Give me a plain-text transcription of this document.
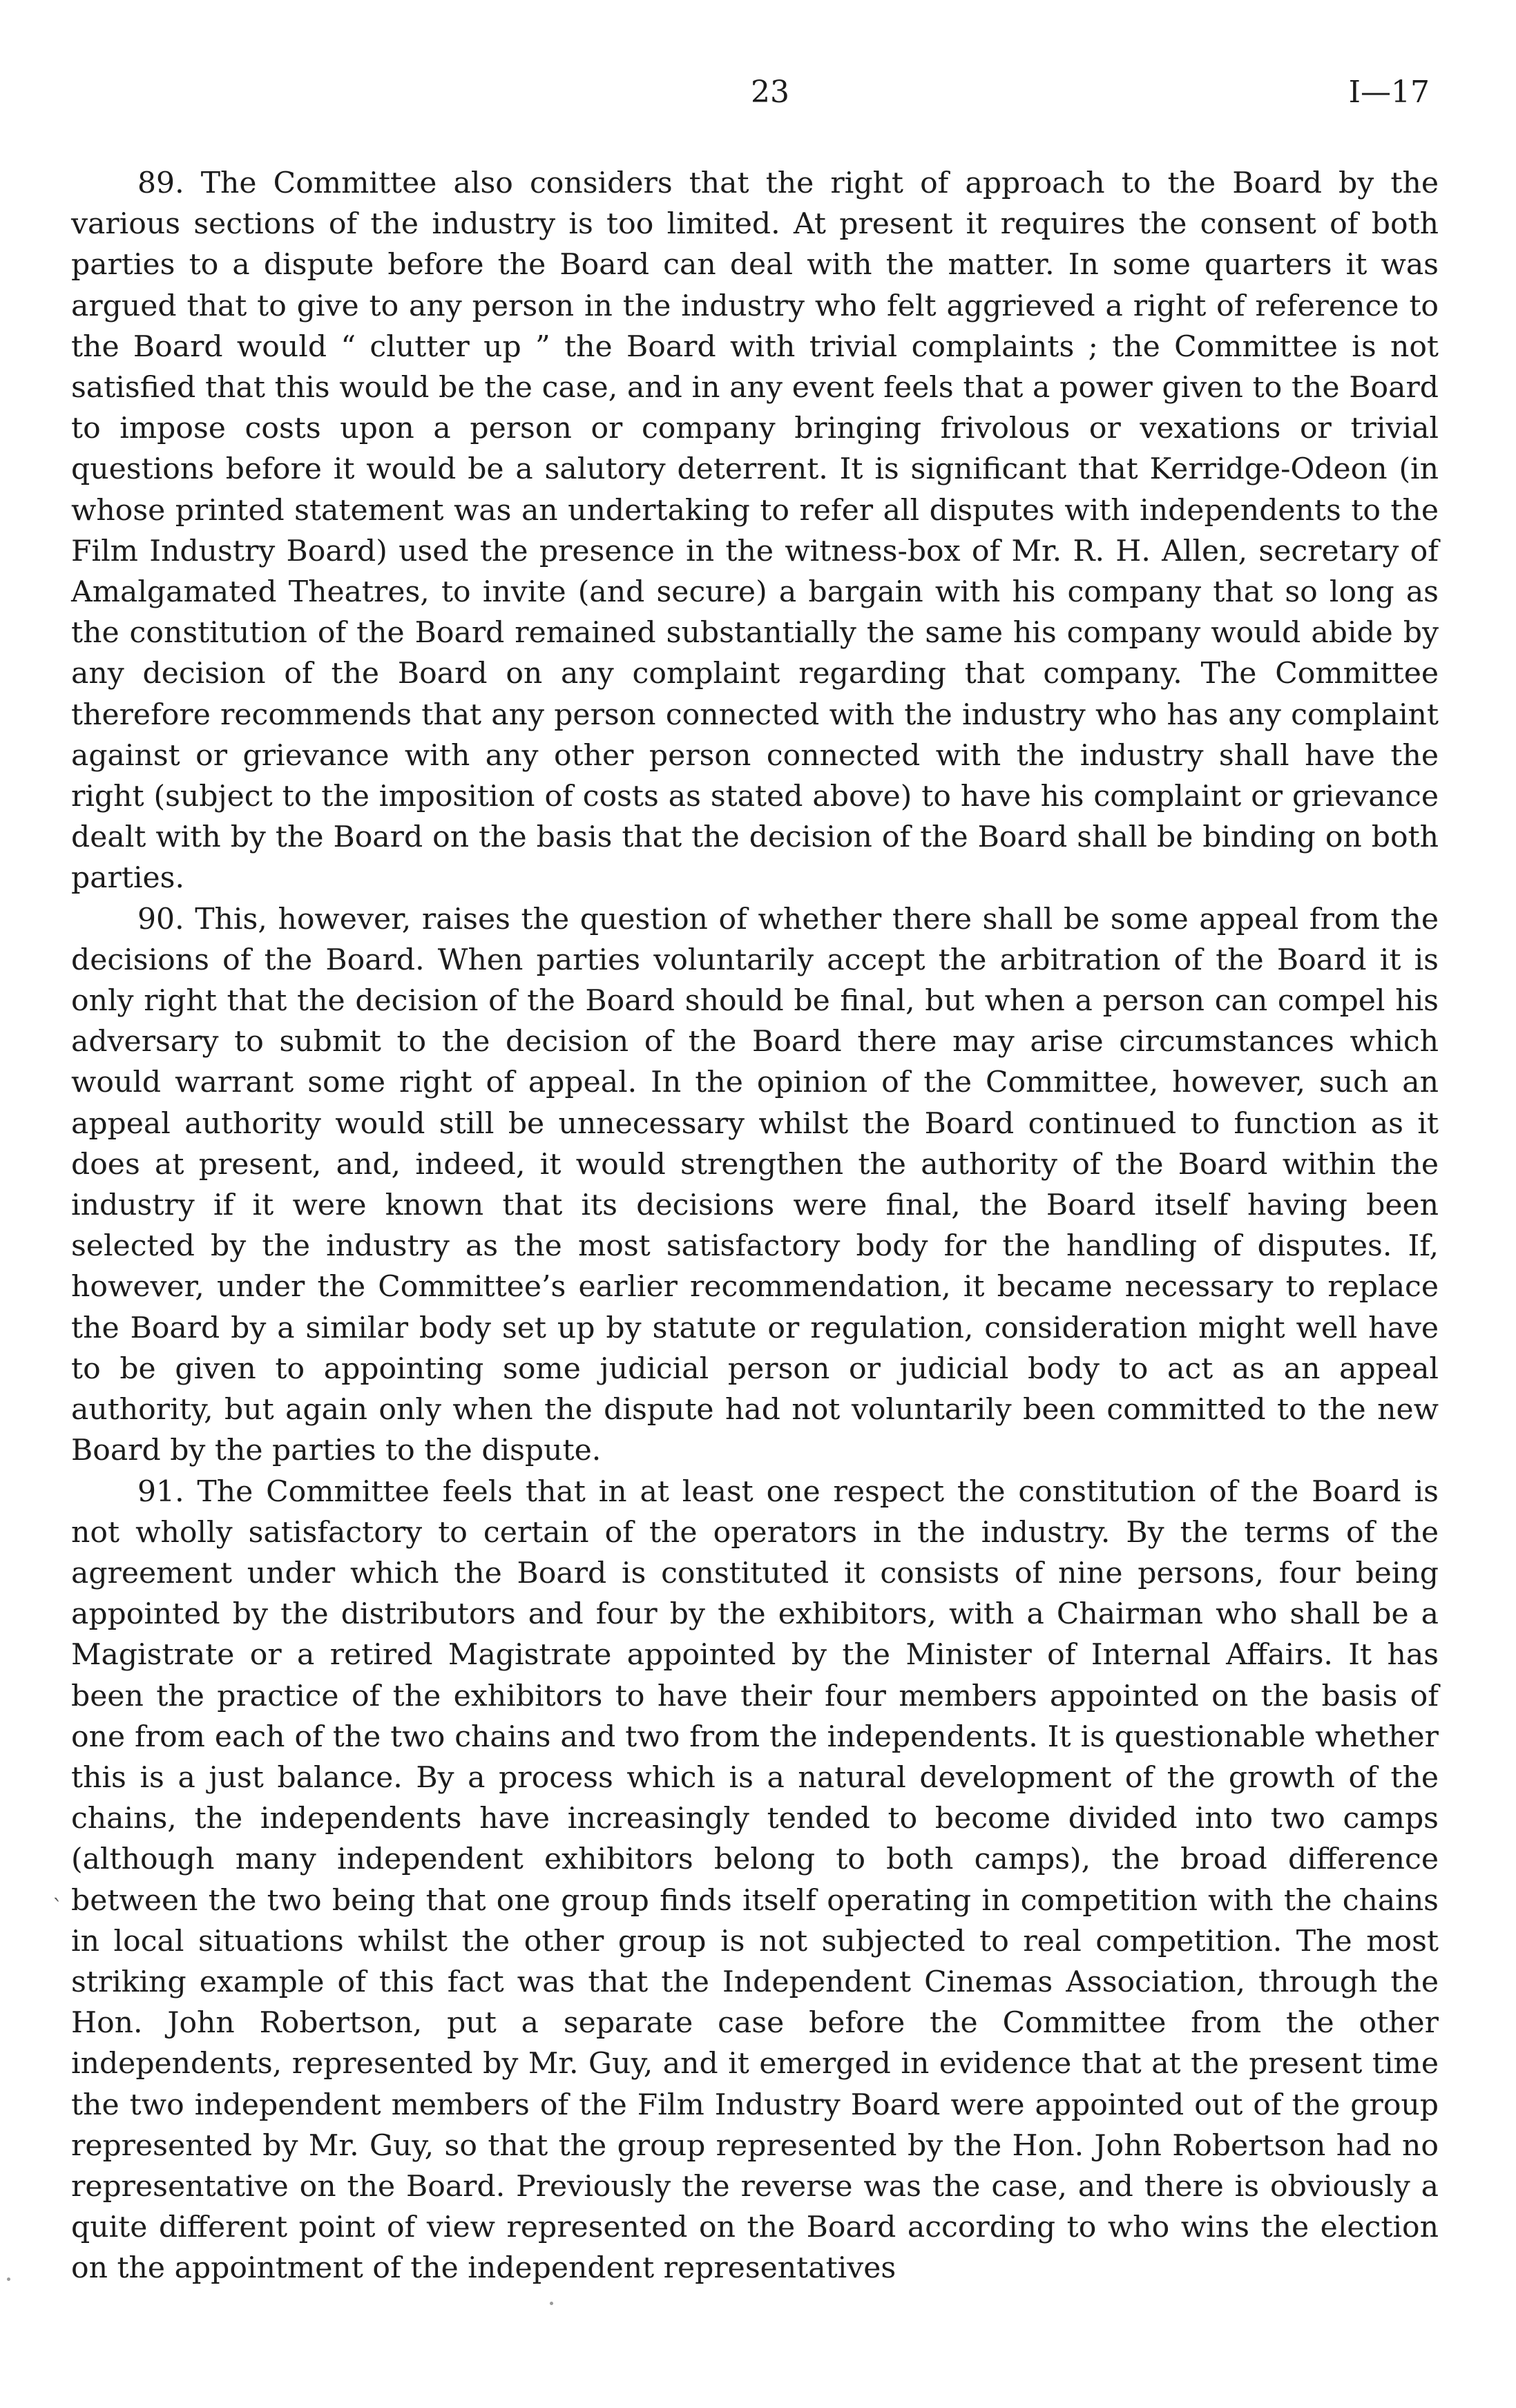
23	I—17

89. The Committee also considers that the right of approach to the Board by the various sections of the industry is too limited. At present it requires the consent of both parties to a dispute before the Board can deal with the matter. In some quarters it was argued that to give to any person in the industry who felt aggrieved a right of reference to the Board would “ clutter up ” the Board with trivial complaints ; the Committee is not satisfied that this would be the case, and in any event feels that a power given to the Board to impose costs upon a person or company bringing frivolous or vexations or trivial questions before it would be a salutory deterrent. It is significant that Kerridge-Odeon (in whose printed statement was an undertaking to refer all disputes with independents to the Film Industry Board) used the presence in the witness-box of Mr. R. H. Allen, secretary of Amalgamated Theatres, to invite (and secure) a bargain with his company that so long as the constitution of the Board remained substantially the same his company would abide by any decision of the Board on any complaint regarding that company. The Committee therefore recommends that any person connected with the industry who has any complaint against or grievance with any other person connected with the industry shall have the right (subject to the imposition of costs as stated above) to have his complaint or grievance dealt with by the Board on the basis that the decision of the Board shall be binding on both parties.

90. This, however, raises the question of whether there shall be some appeal from the decisions of the Board. When parties voluntarily accept the arbitration of the Board it is only right that the decision of the Board should be final, but when a person can compel his adversary to submit to the decision of the Board there may arise circumstances which would warrant some right of appeal. In the opinion of the Committee, however, such an appeal authority would still be unnecessary whilst the Board continued to function as it does at present, and, indeed, it would strengthen the authority of the Board within the industry if it were known that its decisions were final, the Board itself having been selected by the industry as the most satisfactory body for the handling of disputes. If, however, under the Committee’s earlier recommendation, it became necessary to replace the Board by a similar body set up by statute or regulation, consideration might well have to be given to appointing some judicial person or judicial body to act as an appeal authority, but again only when the dispute had not voluntarily been committed to the new Board by the parties to the dispute.

91. The Committee feels that in at least one respect the constitution of the Board is not wholly satisfactory to certain of the operators in the industry. By the terms of the agreement under which the Board is constituted it consists of nine persons, four being appointed by the distributors and four by the exhibitors, with a Chairman who shall be a Magistrate or a retired Magistrate appointed by the Minister of Internal Affairs. It has been the practice of the exhibitors to have their four members appointed on the basis of one from each of the two chains and two from the independents. It is questionable whether this is a just balance. By a process which is a natural development of the growth of the chains, the independents have increasingly tended to become divided into two camps (although many independent exhibitors belong to both camps), the broad difference between the two being that one group finds itself operating in competition with the chains in local situations whilst the other group is not subjected to real competition. The most striking example of this fact was that the Independent Cinemas Association, through the Hon. John Robertson, put a separate case before the Committee from the other independents, represented by Mr. Guy, and it emerged in evidence that at the present time the two independent members of the Film Industry Board were appointed out of the group represented by Mr. Guy, so that the group represented by the Hon. John Robertson had no representative on the Board. Previously the reverse was the case, and there is obviously a quite different point of view represented on the Board according to who wins the election on the appointment of the independent representatives

ˋ
